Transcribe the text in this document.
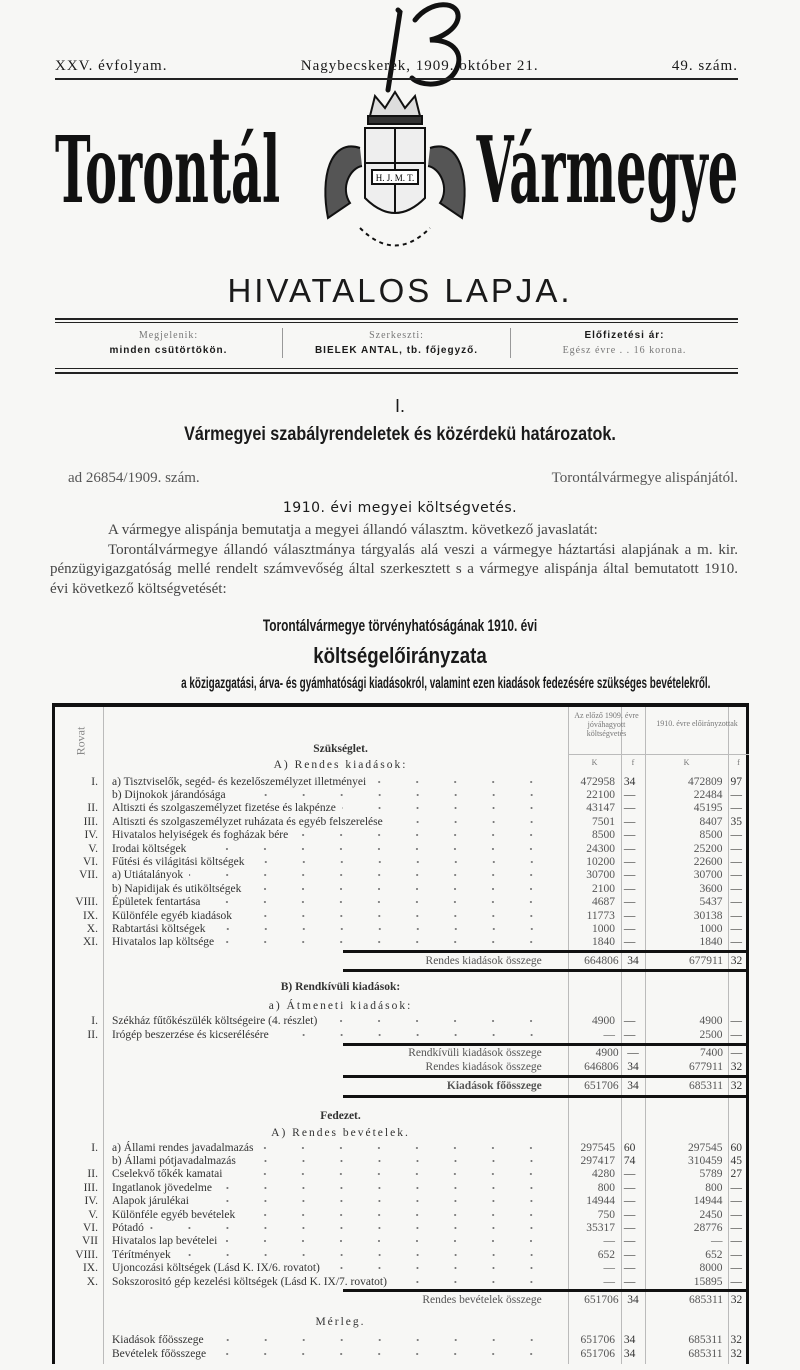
XXV. évfolyam.	Nagybecskerek, 1909. október 21.	49. szám.
Torontál Vármegye
H. J. M. T.
HIVATALOS LAPJA.
Megjelenik:
minden csütörtökön.
Szerkeszti:
BIELEK ANTAL, tb. főjegyző.
Előfizetési ár:
Egész évre . . 16 korona.
I.
Vármegyei szabályrendeletek és közérdekü határozatok.
ad 26854/1909. szám.	Torontálvármegye alispánjától.
1910. évi megyei költségvetés.

A vármegye alispánja bemutatja a megyei állandó választm. következő javaslatát:

Torontálvármegye állandó választmánya tárgyalás alá veszi a vármegye háztartási alapjának a m. kir. pénzügyigazgatóság mellé rendelt számvevőség által szerkesztett s a vármegye alispánja által bemutatott 1910. évi következő költségvetését:

Torontálvármegye törvényhatóságának 1910. évi
költségelőirányzata
a közigazgatási, árva- és gyámhatósági kiadásokról, valamint ezen kiadások fedezésére szükséges bevételekről.
Rovat
Az előző 1909. évre jóváhagyott költségvetés
1910. évre előirányzottak
K	f	K	f
Szükséglet.
A) Rendes kiadások:
I.	a) Tisztviselők, segéd- és kezelőszemélyzet illetményei	472958 34	472809 97
b) Dijnokok járandósága	22100 —	22484 —
II.	Altiszti és szolgaszemélyzet fizetése és lakpénze	43147 —	45195 —
III.	Altiszti és szolgaszemélyzet ruházata és egyéb felszerelése	7501 —	8407 35
IV.	Hivatalos helyiségek és fogházak bére	8500 —	8500 —
V.	Irodai költségek	24300 —	25200 —
VI.	Fűtési és világitási költségek	10200 —	22600 —
VII.	a) Utiátalányok	30700 —	30700 —
b) Napidijak és utiköltségek	2100 —	3600 —
VIII.	Épületek fentartása	4687 —	5437 —
IX.	Különféle egyéb kiadások	11773 —	30138 —
X.	Rabtartási költségek	1000 —	1000 —
XI.	Hivatalos lap költsége	1840 —	1840 —
Rendes kiadások összege	664806 34	677911 32
B) Rendkívüli kiadások:
a) Átmeneti kiadások:
I.	Székház fűtőkészülék költségeire (4. részlet)	4900 —	4900 —
II.	Irógép beszerzése és kicserélésére	— —	2500 —
Rendkívüli kiadások összege	4900 —	7400 —
Rendes kiadások összege	646806 34	677911 32
Kiadások főösszege	651706 34	685311 32
Fedezet.
A) Rendes bevételek.
I.	a) Állami rendes javadalmazás	297545 60	297545 60
b) Állami pótjavadalmazás	297417 74	310459 45
II.	Cselekvő tőkék kamatai	4280 —	5789 27
III.	Ingatlanok jövedelme	800 —	800 —
IV.	Alapok járulékai	14944 —	14944 —
V.	Különféle egyéb bevételek	750 —	2450 —
VI.	Pótadó	35317 —	28776 —
VII	Hivatalos lap bevételei	— —	— —
VIII.	Térítmények	652 —	652 —
IX.	Ujoncozási költségek (Lásd K. IX/6. rovatot)	— —	8000 —
X.	Sokszorositó gép kezelési költségek (Lásd K. IX/7. rovatot)	— —	15895 —
Rendes bevételek összege	651706 34	685311 32
Mérleg.
Kiadások főösszege	651706 34	685311 32
Bevételek főösszege	651706 34	685311 32
